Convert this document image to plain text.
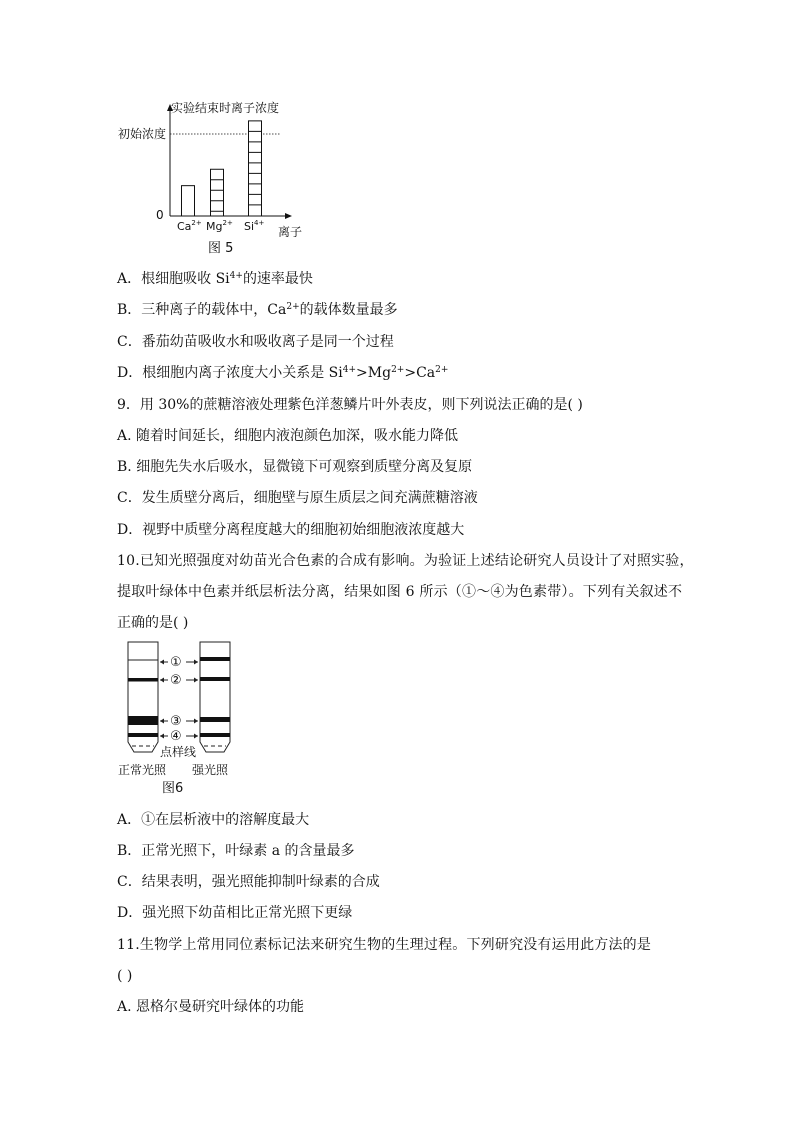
实验结束时离子浓度
初始浓度
0
离子
图 5
$Ca^{2+}$ $Mg^{2+}$ $Si^{4+}$
A．根细胞吸收 $Si^{4+}$的速率最快
B．三种离子的载体中，$Ca^{2+}$的载体数量最多
C．番茄幼苗吸收水和吸收离子是同一个过程
D．根细胞内离子浓度大小关系是 $Si^{4+}>Mg^{2+}>Ca^{2+}$
9．用 30%的蔗糖溶液处理紫色洋葱鳞片叶外表皮，则下列说法正确的是( )
A. 随着时间延长，细胞内液泡颜色加深，吸水能力降低
B. 细胞先失水后吸水，显微镜下可观察到质壁分离及复原
C．发生质壁分离后，细胞壁与原生质层之间充满蔗糖溶液
D．视野中质壁分离程度越大的细胞初始细胞液浓度越大
10.已知光照强度对幼苗光合色素的合成有影响。为验证上述结论研究人员设计了对照实验，
提取叶绿体中色素并纸层析法分离，结果如图 6 所示（①～④为色素带）。下列有关叙述不
正确的是( )
①
②
③
④
点样线
正常光照 强光照
图6
A．①在层析液中的溶解度最大
B．正常光照下，叶绿素 a 的含量最多
C．结果表明，强光照能抑制叶绿素的合成
D．强光照下幼苗相比正常光照下更绿
11.生物学上常用同位素标记法来研究生物的生理过程。下列研究没有运用此方法的是
( )
A. 恩格尔曼研究叶绿体的功能
